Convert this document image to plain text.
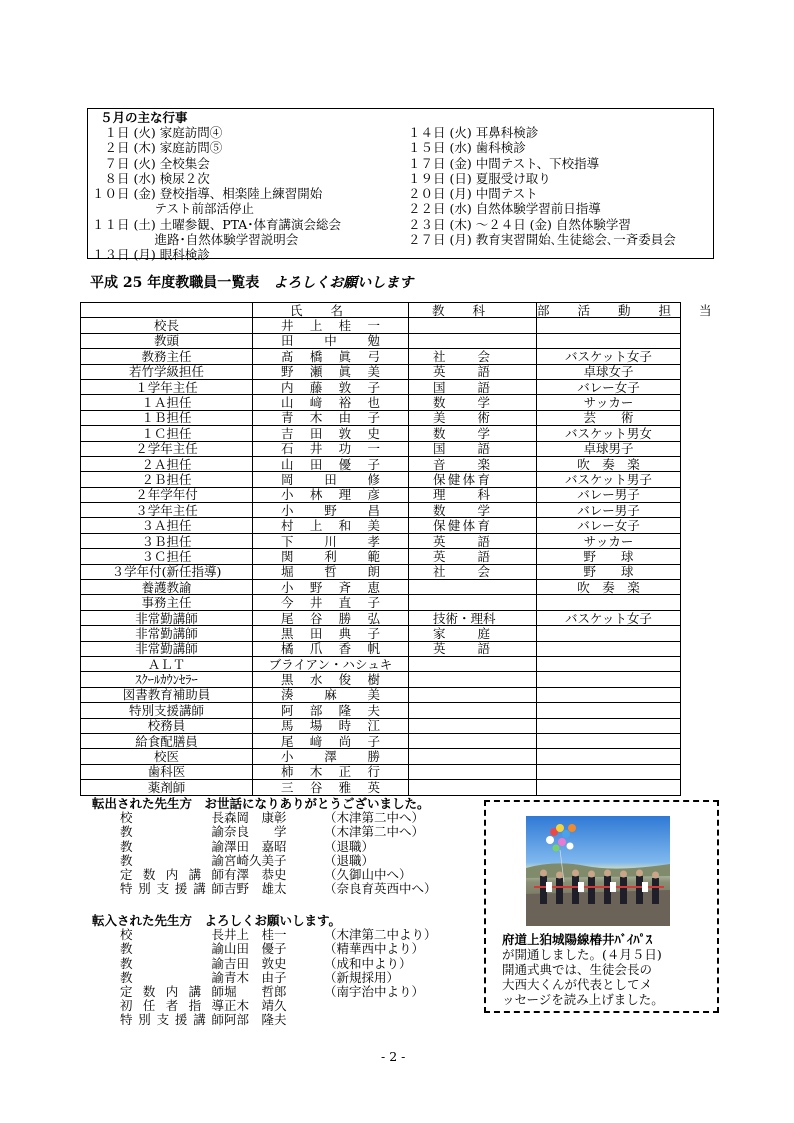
５月の主な行事
　１日 (火) 家庭訪問④
　２日 (木) 家庭訪問⑤
　７日 (火) 全校集会
　８日 (水) 検尿２次
１０日 (金) 登校指導、相楽陸上練習開始
　　　　　テスト前部活停止
１１日 (土) 土曜参観、PTA･体育講演会総会
　　　　　進路･自然体験学習説明会
１３日 (月) 眼科検診
１４日 (火) 耳鼻科検診
１５日 (水) 歯科検診
１７日 (金) 中間テスト、下校指導
１９日 (日) 夏服受け取り
２０日 (月) 中間テスト
２２日 (水) 自然体験学習前日指導
２３日 (木) ～２４日 (金) 自然体験学習
２７日 (月) 教育実習開始､生徒総会､一斉委員会
平成 25 年度教職員一覧表　よろしくお願いします
	氏名	教科	部活動担当
校長	井上桂一		
教頭	田中勉		
教務主任	髙橋眞弓	社会	バスケット女子
若竹学級担任	野瀬眞美	英語	卓球女子
１学年主任	内藤敦子	国語	バレー女子
１Ａ担任	山﨑裕也	数学	サッカー
１Ｂ担任	青木由子	美術	芸　　術
１Ｃ担任	吉田敦史	数学	バスケット男女
２学年主任	石井功一	国語	卓球男子
２Ａ担任	山田優子	音楽	吹　奏　楽
２Ｂ担任	岡田修	保健体育	バスケット男子
２年学年付	小林理彦	理科	バレー男子
３学年主任	小野昌	数学	バレー男子
３Ａ担任	村上和美	保健体育	バレー女子
３Ｂ担任	下川孝	英語	サッカー
３Ｃ担任	関利範	英語	野　　球
３学年付(新任指導)	堀哲朗	社会	野　　球
養護教諭	小野斉恵		吹　奏　楽
事務主任	今井直子		
非常勤講師	尾谷勝弘	技術・理科	バスケット女子
非常勤講師	黒田典子	家庭	
非常勤講師	橘爪香帆	英語	
ＡＬＴ	ブライアン・ハシュキ		
ｽｸｰﾙｶｳﾝｾﾗｰ	黒水俊樹		
図書教育補助員	湊麻美		
特別支援講師	阿部隆夫		
校務員	馬場時江		
給食配膳員	尾﨑尚子		
校医	小澤勝		
歯科医	柿木正行		
薬剤師	三谷雅英		
転出された先生方　お世話になりありがとうございました。
校　　長 森岡　康彰	（木津第二中へ）
教　　諭 奈良　　学	（木津第二中へ）
教　　諭 澤田　嘉昭	（退職）
教　　諭 宮崎久美子	（退職）
定数内講師 有澤　恭史	（久御山中へ）
特別支援講師 吉野　雄太	（奈良育英西中へ）
転入された先生方　よろしくお願いします。
校　　長 井上　桂一	（木津第二中より）
教　　諭 山田　優子	（精華西中より）
教　　諭 吉田　敦史	（成和中より）
教　　諭 青木　由子	（新規採用）
定数内講師 堀　　哲郎	（南宇治中より）
初任者指導 正木　靖久
特別支援講師 阿部　隆夫
府道上狛城陽線椿井ﾊﾞｲﾊﾟｽ
が開通しました。(４月５日)
開通式典では、生徒会長の
大西大くんが代表としてメ
ッセージを読み上げました。
- 2 -
